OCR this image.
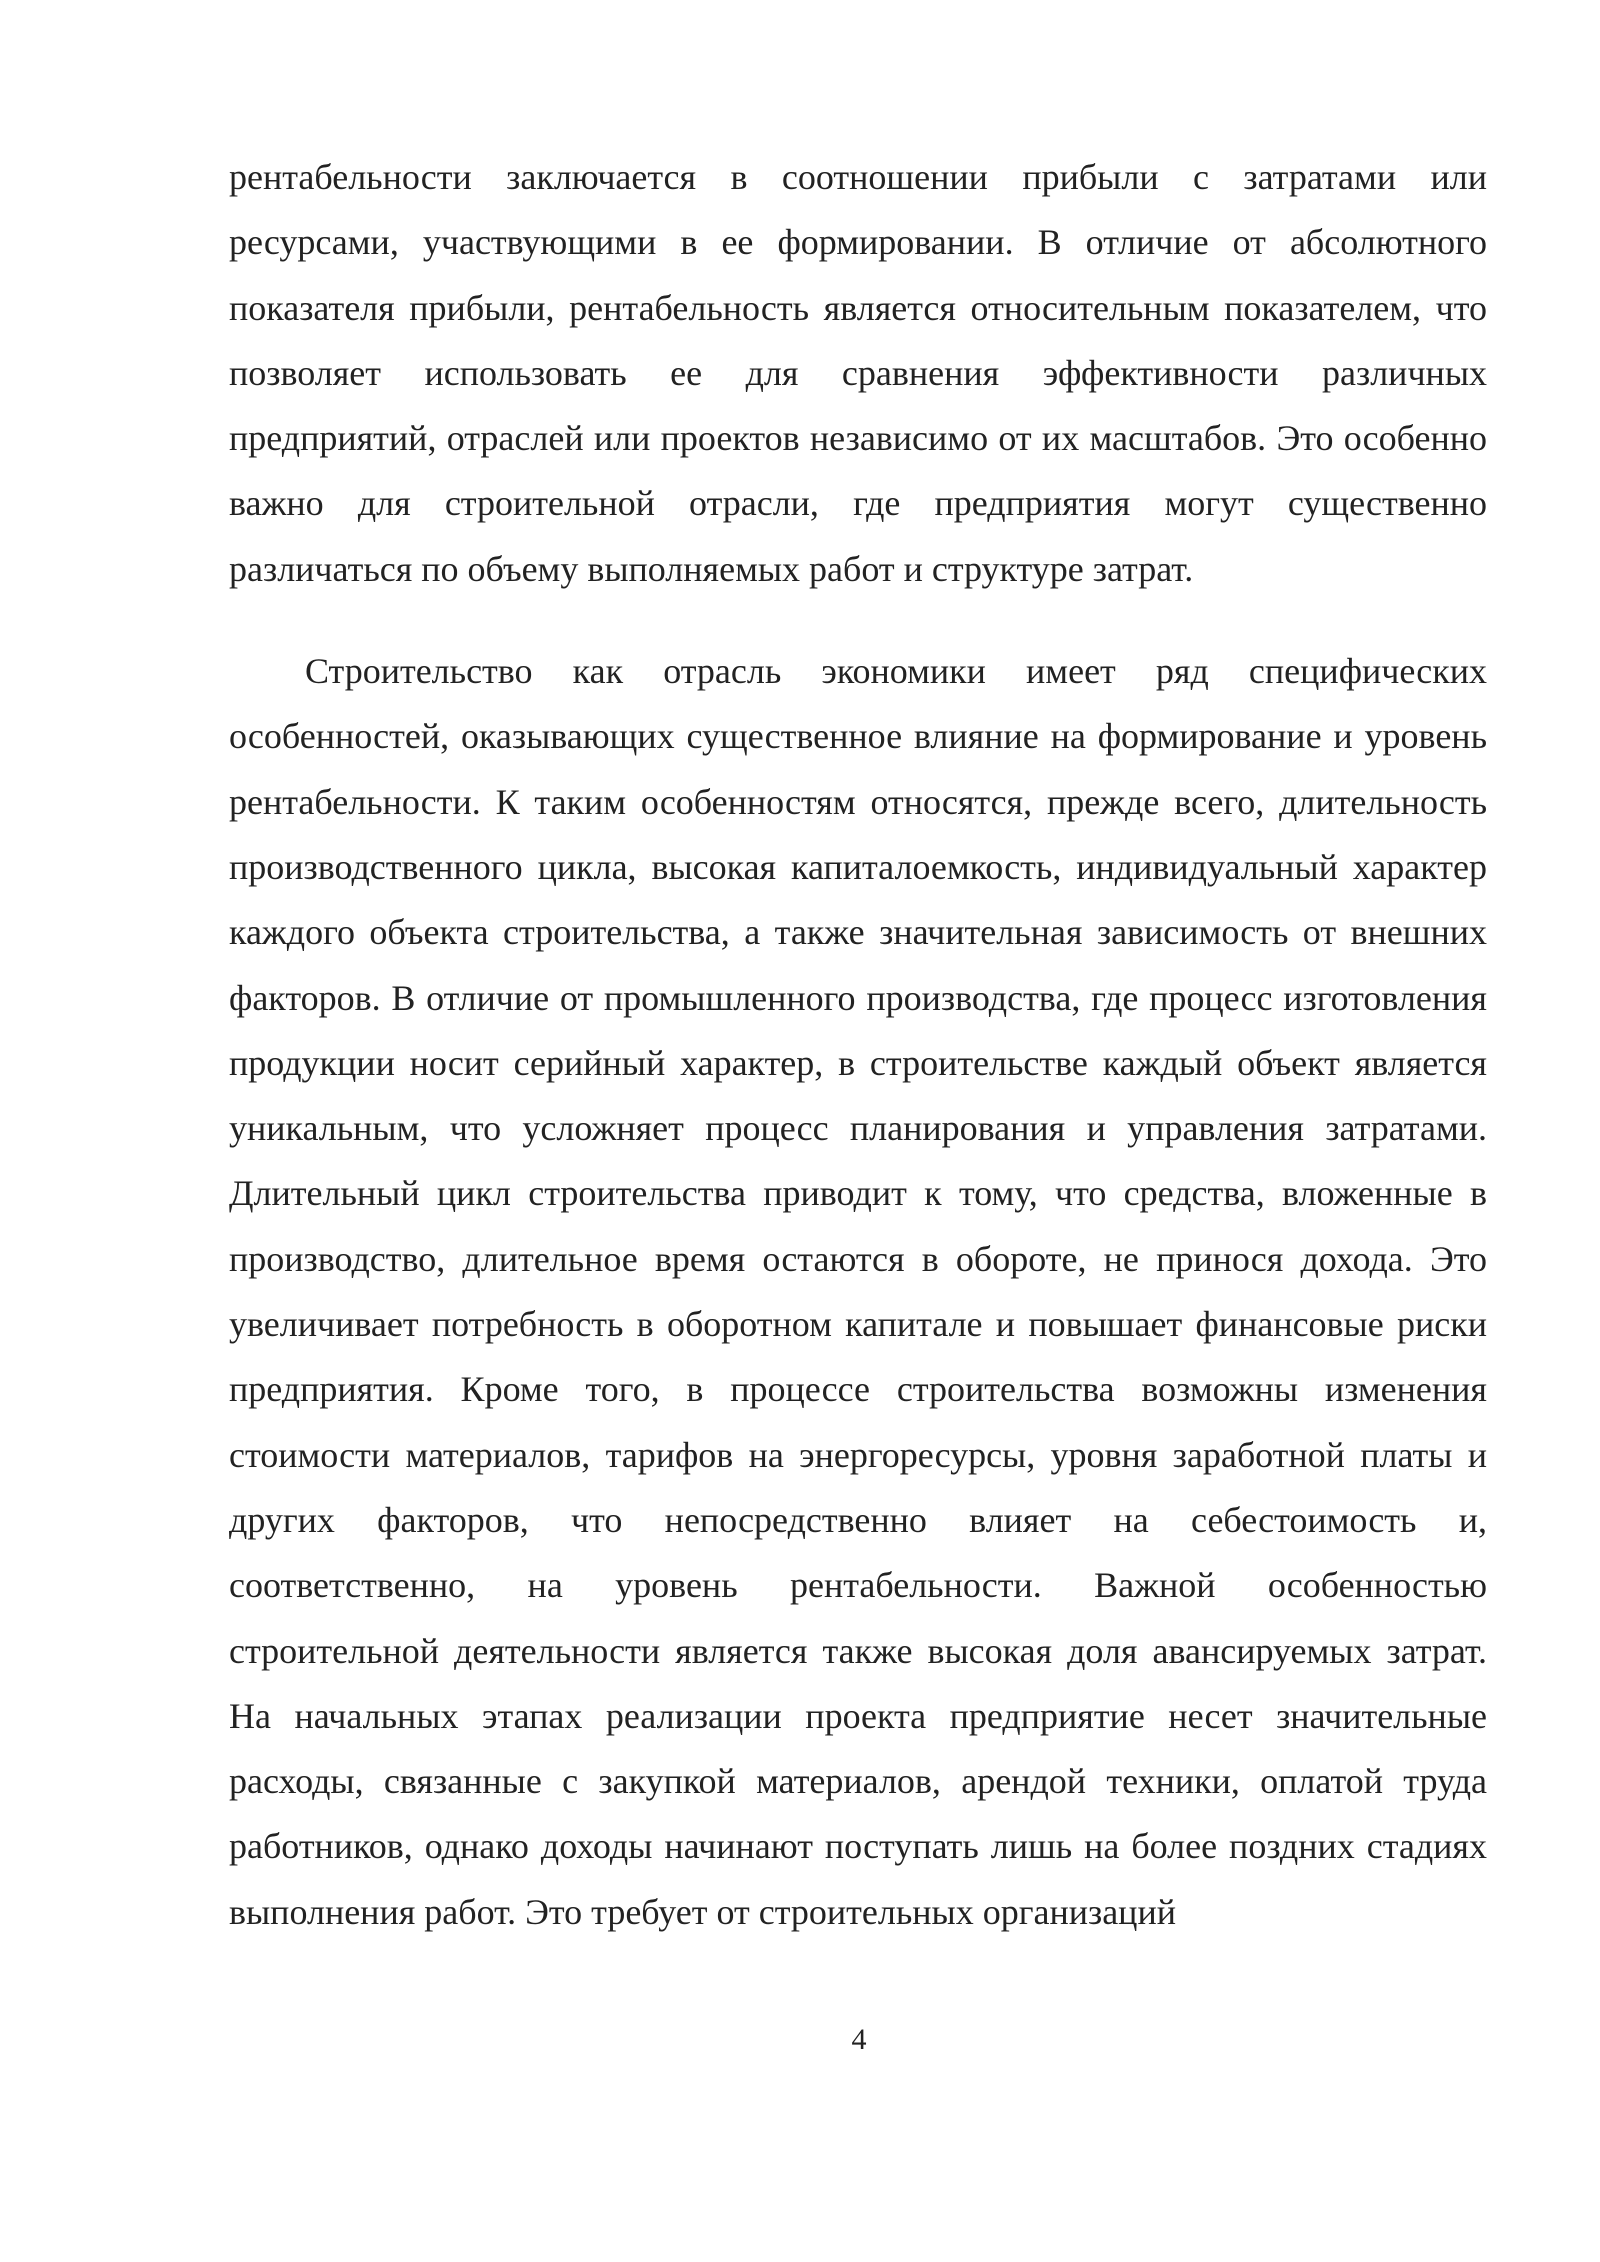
рентабельности заключается в соотношении прибыли с затратами или ресурсами, участвующими в ее формировании. В отличие от абсолютного показателя прибыли, рентабельность является относительным показателем, что позволяет использовать ее для сравнения эффективности различных предприятий, отраслей или проектов независимо от их масштабов. Это особенно важно для строительной отрасли, где предприятия могут существенно различаться по объему выполняемых работ и структуре затрат.

Строительство как отрасль экономики имеет ряд специфических особенностей, оказывающих существенное влияние на формирование и уровень рентабельности. К таким особенностям относятся, прежде всего, длительность производственного цикла, высокая капиталоемкость, индивидуальный характер каждого объекта строительства, а также значительная зависимость от внешних факторов. В отличие от промышленного производства, где процесс изготовления продукции носит серийный характер, в строительстве каждый объект является уникальным, что усложняет процесс планирования и управления затратами. Длительный цикл строительства приводит к тому, что средства, вложенные в производство, длительное время остаются в обороте, не принося дохода. Это увеличивает потребность в оборотном капитале и повышает финансовые риски предприятия. Кроме того, в процессе строительства возможны изменения стоимости материалов, тарифов на энергоресурсы, уровня заработной платы и других факторов, что непосредственно влияет на себестоимость и, соответственно, на уровень рентабельности. Важной особенностью строительной деятельности является также высокая доля авансируемых затрат. На начальных этапах реализации проекта предприятие несет значительные расходы, связанные с закупкой материалов, арендой техники, оплатой труда работников, однако доходы начинают поступать лишь на более поздних стадиях выполнения работ. Это требует от строительных организаций

4
